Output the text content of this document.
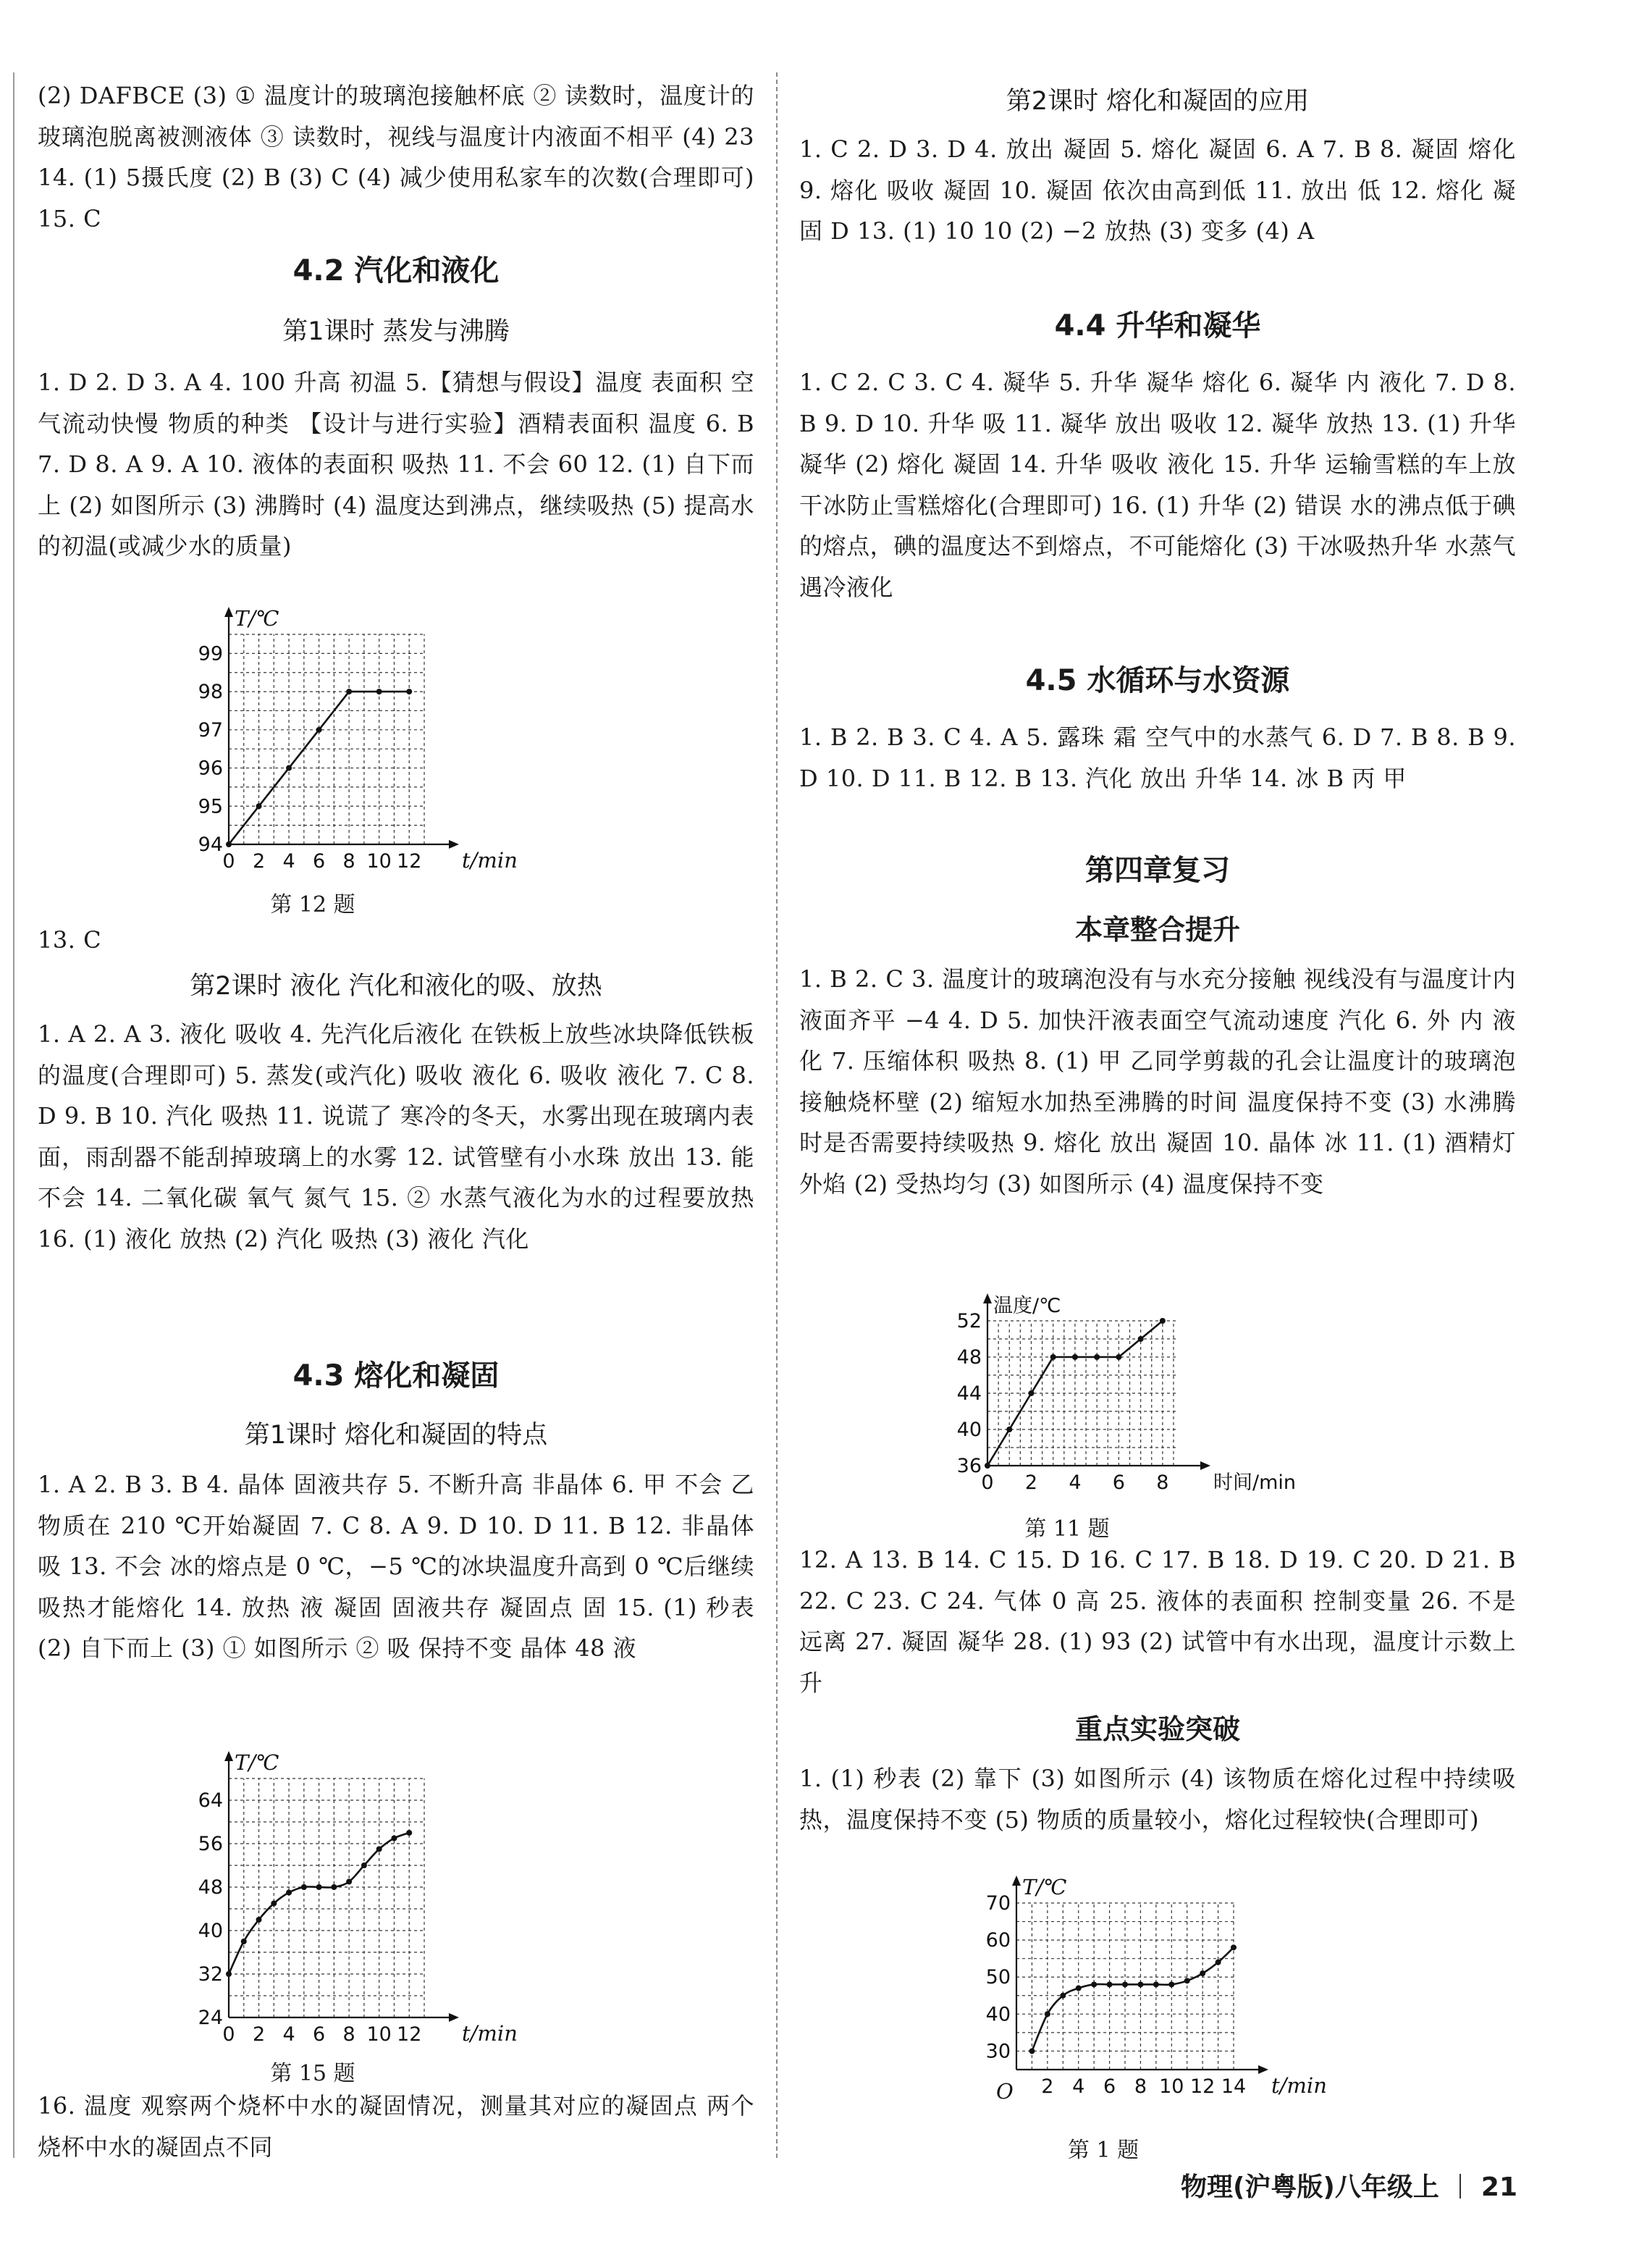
(2) DAFBCE (3) ① 温度计的玻璃泡接触杯底 ② 读数时，温度计的玻璃泡脱离被测液体 ③ 读数时，视线与温度计内液面不相平 (4) 23 14. (1) 5摄氏度 (2) B (3) C (4) 减少使用私家车的次数(合理即可) 15. C

4.2 汽化和液化
第1课时 蒸发与沸腾

1. D 2. D 3. A 4. 100 升高 初温 5.【猜想与假设】温度 表面积 空气流动快慢 物质的种类 【设计与进行实验】酒精表面积 温度 6. B 7. D 8. A 9. A 10. 液体的表面积 吸热 11. 不会 60 12. (1) 自下而上 (2) 如图所示 (3) 沸腾时 (4) 温度达到沸点，继续吸热 (5) 提高水的初温(或减少水的质量)

0 2 4 6 8 10 12
94
95
96
97
98
99
T/℃
t/min
第 12 题

13. C

第2课时 液化 汽化和液化的吸、放热

1. A 2. A 3. 液化 吸收 4. 先汽化后液化 在铁板上放些冰块降低铁板的温度(合理即可) 5. 蒸发(或汽化) 吸收 液化 6. 吸收 液化 7. C 8. D 9. B 10. 汽化 吸热 11. 说谎了 寒冷的冬天，水雾出现在玻璃内表面，雨刮器不能刮掉玻璃上的水雾 12. 试管壁有小水珠 放出 13. 能 不会 14. 二氧化碳 氧气 氮气 15. ② 水蒸气液化为水的过程要放热 16. (1) 液化 放热 (2) 汽化 吸热 (3) 液化 汽化

4.3 熔化和凝固
第1课时 熔化和凝固的特点

1. A 2. B 3. B 4. 晶体 固液共存 5. 不断升高 非晶体 6. 甲 不会 乙物质在 210 ℃开始凝固 7. C 8. A 9. D 10. D 11. B 12. 非晶体 吸 13. 不会 冰的熔点是 0 ℃，−5 ℃的冰块温度升高到 0 ℃后继续吸热才能熔化 14. 放热 液 凝固 固液共存 凝固点 固 15. (1) 秒表 (2) 自下而上 (3) ① 如图所示 ② 吸 保持不变 晶体 48 液

0 2 4 6 8 10 12
24
32
40
48
56
64
T/℃
t/min
第 15 题

16. 温度 观察两个烧杯中水的凝固情况，测量其对应的凝固点 两个烧杯中水的凝固点不同

第2课时 熔化和凝固的应用

1. C 2. D 3. D 4. 放出 凝固 5. 熔化 凝固 6. A 7. B 8. 凝固 熔化 9. 熔化 吸收 凝固 10. 凝固 依次由高到低 11. 放出 低 12. 熔化 凝固 D 13. (1) 10 10 (2) −2 放热 (3) 变多 (4) A

4.4 升华和凝华

1. C 2. C 3. C 4. 凝华 5. 升华 凝华 熔化 6. 凝华 内 液化 7. D 8. B 9. D 10. 升华 吸 11. 凝华 放出 吸收 12. 凝华 放热 13. (1) 升华 凝华 (2) 熔化 凝固 14. 升华 吸收 液化 15. 升华 运输雪糕的车上放干冰防止雪糕熔化(合理即可) 16. (1) 升华 (2) 错误 水的沸点低于碘的熔点，碘的温度达不到熔点，不可能熔化 (3) 干冰吸热升华 水蒸气遇冷液化

4.5 水循环与水资源

1. B 2. B 3. C 4. A 5. 露珠 霜 空气中的水蒸气 6. D 7. B 8. B 9. D 10. D 11. B 12. B 13. 汽化 放出 升华 14. 冰 B 丙 甲

第四章复习
本章整合提升

1. B 2. C 3. 温度计的玻璃泡没有与水充分接触 视线没有与温度计内液面齐平 −4 4. D 5. 加快汗液表面空气流动速度 汽化 6. 外 内 液化 7. 压缩体积 吸热 8. (1) 甲 乙同学剪裁的孔会让温度计的玻璃泡接触烧杯壁 (2) 缩短水加热至沸腾的时间 温度保持不变 (3) 水沸腾时是否需要持续吸热 9. 熔化 放出 凝固 10. 晶体 冰 11. (1) 酒精灯外焰 (2) 受热均匀 (3) 如图所示 (4) 温度保持不变

0 2 4 6 8
36
40
44
48
52
温度/℃
时间/min
第 11 题

12. A 13. B 14. C 15. D 16. C 17. B 18. D 19. C 20. D 21. B 22. C 23. C 24. 气体 0 高 25. 液体的表面积 控制变量 26. 不是 远离 27. 凝固 凝华 28. (1) 93 (2) 试管中有水出现，温度计示数上升

重点实验突破

1. (1) 秒表 (2) 靠下 (3) 如图所示 (4) 该物质在熔化过程中持续吸热，温度保持不变 (5) 物质的质量较小，熔化过程较快(合理即可)

2 4 6 8 10 12 14
30
40
50
60
70
O
T/℃
t/min
第 1 题
物理(沪粤版)八年级上 21
